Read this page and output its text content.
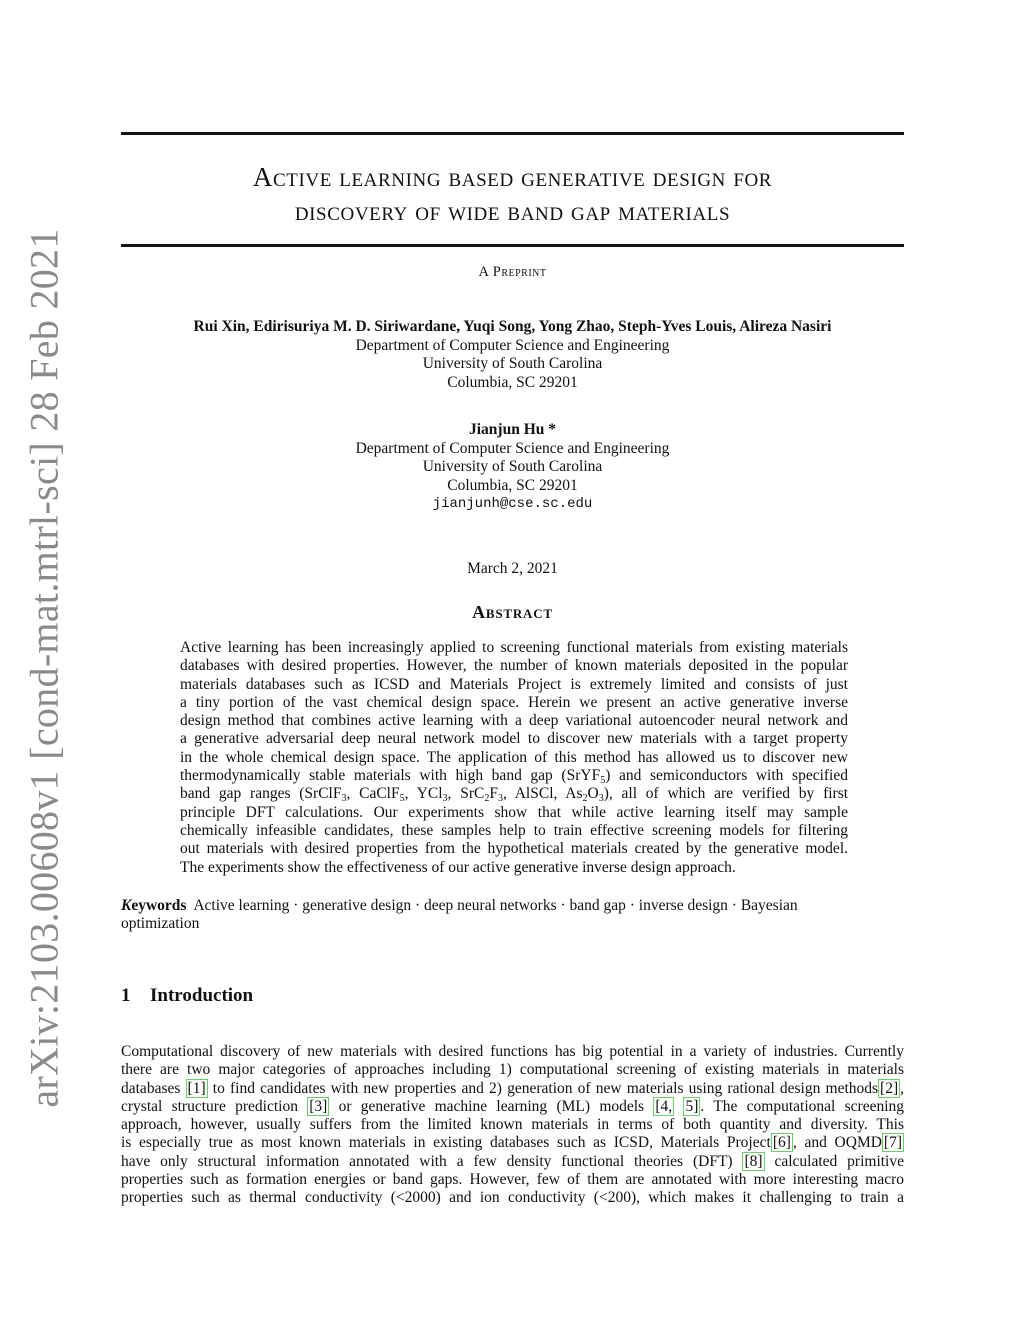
arXiv:2103.00608v1 [cond-mat.mtrl-sci] 28 Feb 2021
Active learning based generative design for
discovery of wide band gap materials
A Preprint
Rui Xin, Edirisuriya M. D. Siriwardane, Yuqi Song, Yong Zhao, Steph-Yves Louis, Alireza Nasiri
Department of Computer Science and Engineering
University of South Carolina
Columbia, SC 29201
Jianjun Hu *
Department of Computer Science and Engineering
University of South Carolina
Columbia, SC 29201
jianjunh@cse.sc.edu
March 2, 2021
Abstract
Active learning has been increasingly applied to screening functional materials from existing materials
databases with desired properties. However, the number of known materials deposited in the popular
materials databases such as ICSD and Materials Project is extremely limited and consists of just
a tiny portion of the vast chemical design space. Herein we present an active generative inverse
design method that combines active learning with a deep variational autoencoder neural network and
a generative adversarial deep neural network model to discover new materials with a target property
in the whole chemical design space. The application of this method has allowed us to discover new
thermodynamically stable materials with high band gap (SrYF$_5$) and semiconductors with specified
band gap ranges (SrClF$_3$, CaClF$_5$, YCl$_3$, $SrC_2F_3$, AlSCl, $As_2O_3$), all of which are verified by first
principle DFT calculations. Our experiments show that while active learning itself may sample
chemically infeasible candidates, these samples help to train effective screening models for filtering
out materials with desired properties from the hypothetical materials created by the generative model.
The experiments show the effectiveness of our active generative inverse design approach.
Keywords Active learning · generative design · deep neural networks · band gap · inverse design · Bayesian
optimization
1 Introduction
Computational discovery of new materials with desired functions has big potential in a variety of industries. Currently
there are two major categories of approaches including 1) computational screening of existing materials in materials
databases [1] to find candidates with new properties and 2) generation of new materials using rational design methods [2] ,
crystal structure prediction [3] or generative machine learning (ML) models [4, 5] . The computational screening
approach, however, usually suffers from the limited known materials in terms of both quantity and diversity. This
is especially true as most known materials in existing databases such as ICSD, Materials Project [6] , and OQMD [7]
have only structural information annotated with a few density functional theories (DFT) [8] calculated primitive
properties such as formation energies or band gaps. However, few of them are annotated with more interesting macro
properties such as thermal conductivity (<2000) and ion conductivity (<200), which makes it challenging to train a
